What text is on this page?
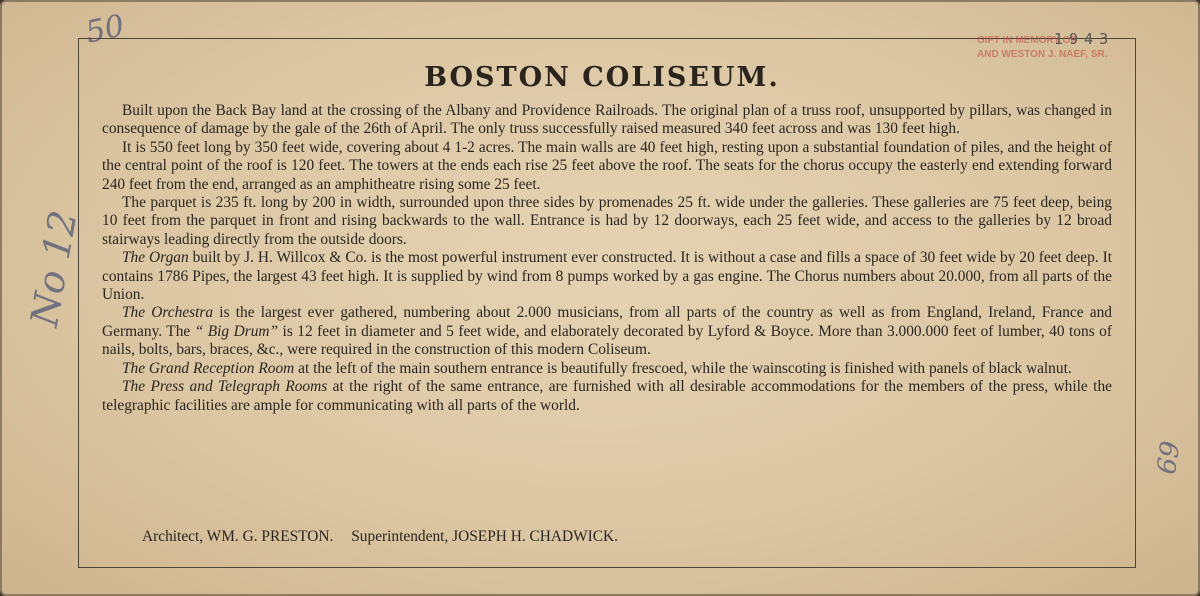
1943
GIFT IN MEMORY OF
AND WESTON J. NAEF, SR.
50
No 12
69
BOSTON COLISEUM.

Built upon the Back Bay land at the crossing of the Albany and Providence Railroads. The original plan of a truss roof, unsupported by pillars, was changed in consequence of damage by the gale of the 26th of April. The only truss successfully raised measured 340 feet across and was 130 feet high.

It is 550 feet long by 350 feet wide, covering about 4 1-2 acres. The main walls are 40 feet high, resting upon a substantial foundation of piles, and the height of the central point of the roof is 120 feet. The towers at the ends each rise 25 feet above the roof. The seats for the chorus occupy the easterly end extending forward 240 feet from the end, arranged as an amphitheatre rising some 25 feet.

The parquet is 235 ft. long by 200 in width, surrounded upon three sides by promenades 25 ft. wide under the galleries. These galleries are 75 feet deep, being 10 feet from the parquet in front and rising backwards to the wall. Entrance is had by 12 doorways, each 25 feet wide, and access to the galleries by 12 broad stairways leading directly from the outside doors.

The Organ built by J. H. Willcox & Co. is the most powerful instrument ever constructed. It is without a case and fills a space of 30 feet wide by 20 feet deep. It contains 1786 Pipes, the largest 43 feet high. It is supplied by wind from 8 pumps worked by a gas engine. The Chorus numbers about 20.000, from all parts of the Union.

The Orchestra is the largest ever gathered, numbering about 2.000 musicians, from all parts of the country as well as from England, Ireland, France and Germany. The “ Big Drum” is 12 feet in diameter and 5 feet wide, and elaborately decorated by Lyford & Boyce. More than 3.000.000 feet of lumber, 40 tons of nails, bolts, bars, braces, &c., were required in the construction of this modern Coliseum.

The Grand Reception Room at the left of the main southern entrance is beautifully frescoed, while the wainscoting is finished with panels of black walnut.

The Press and Telegraph Rooms at the right of the same entrance, are furnished with all desirable accommodations for the members of the press, while the telegraphic facilities are ample for communicating with all parts of the world.

Architect, WM. G. PRESTON. Superintendent, JOSEPH H. CHADWICK.
